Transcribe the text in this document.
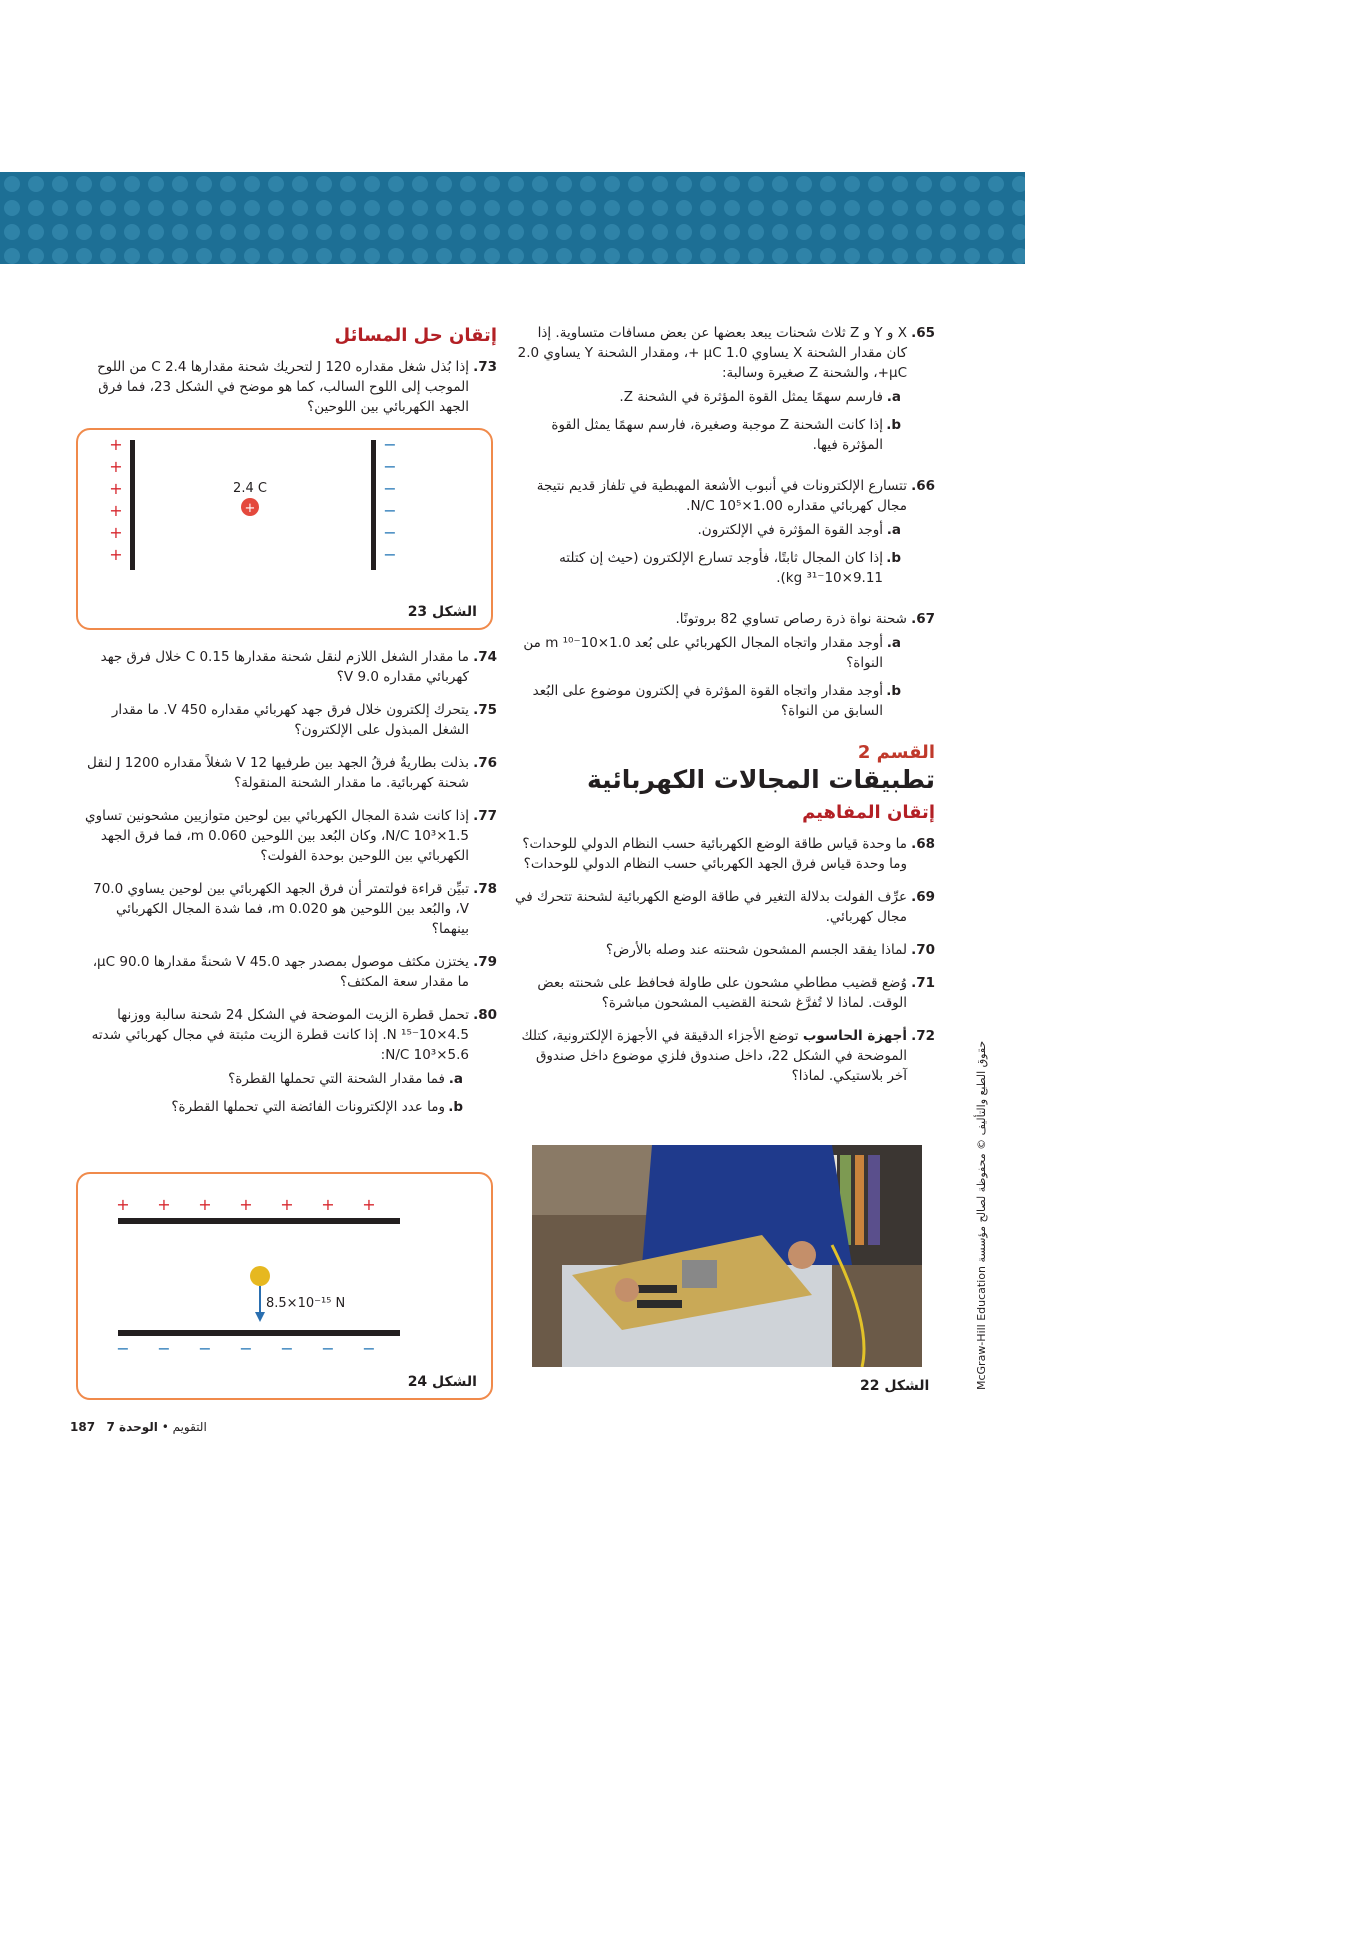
65.
X و Y و Z ثلاث شحنات يبعد بعضها عن بعض مسافات متساوية. إذا كان مقدار الشحنة X يساوي 1.0 μC +، ومقدار الشحنة Y يساوي 2.0 μC+، والشحنة Z صغيرة وسالبة:
a.
فارسم سهمًا يمثل القوة المؤثرة في الشحنة Z.
b.
إذا كانت الشحنة Z موجبة وصغيرة، فارسم سهمًا يمثل القوة المؤثرة فيها.
66.
تتسارع الإلكترونات في أنبوب الأشعة المهبطية في تلفاز قديم نتيجة مجال كهربائي مقداره 1.00×10⁵ N/C.
a.
أوجد القوة المؤثرة في الإلكترون.
b.
إذا كان المجال ثابتًا، فأوجد تسارع الإلكترون (حيث إن كتلته 9.11×10⁻³¹ kg).
67.
شحنة نواة ذرة رصاص تساوي 82 بروتونًا.
a.
أوجد مقدار واتجاه المجال الكهربائي على بُعد 1.0×10⁻¹⁰ m من النواة؟
b.
أوجد مقدار واتجاه القوة المؤثرة في إلكترون موضوع على البُعد السابق من النواة؟
القسم 2
تطبيقات المجالات الكهربائية
إتقان المفاهيم
68.
ما وحدة قياس طاقة الوضع الكهربائية حسب النظام الدولي للوحدات؟ وما وحدة قياس فرق الجهد الكهربائي حسب النظام الدولي للوحدات؟
69.
عرِّف الفولت بدلالة التغير في طاقة الوضع الكهربائية لشحنة تتحرك في مجال كهربائي.
70.
لماذا يفقد الجسم المشحون شحنته عند وصله بالأرض؟
71.
وُضع قضيب مطاطي مشحون على طاولة فحافظ على شحنته بعض الوقت. لماذا لا تُفرَّغ شحنة القضيب المشحون مباشرة؟
72.
أجهزة الحاسوب توضع الأجزاء الدقيقة في الأجهزة الإلكترونية، كتلك الموضحة في الشكل 22، داخل صندوق فلزي موضوع داخل صندوق آخر بلاستيكي. لماذا؟
الشكل 22
إتقان حل المسائل
73.
إذا بُذل شغل مقداره 120 J لتحريك شحنة مقدارها 2.4 C من اللوح الموجب إلى اللوح السالب، كما هو موضح في الشكل 23، فما فرق الجهد الكهربائي بين اللوحين؟
+
+
+
+
+
+
−
−
−
−
−
−
+
2.4 C
الشكل 23
74.
ما مقدار الشغل اللازم لنقل شحنة مقدارها 0.15 C خلال فرق جهد كهربائي مقداره 9.0 V؟
75.
يتحرك إلكترون خلال فرق جهد كهربائي مقداره 450 V. ما مقدار الشغل المبذول على الإلكترون؟
76.
بذلت بطاريةٌ فرقُ الجهد بين طرفيها 12 V شغلاً مقداره 1200 J لنقل شحنة كهربائية. ما مقدار الشحنة المنقولة؟
77.
إذا كانت شدة المجال الكهربائي بين لوحين متوازيين مشحونين تساوي 1.5×10³ N/C، وكان البُعد بين اللوحين 0.060 m، فما فرق الجهد الكهربائي بين اللوحين بوحدة الفولت؟
78.
تبيِّن قراءة فولتمتر أن فرق الجهد الكهربائي بين لوحين يساوي 70.0 V، والبُعد بين اللوحين هو 0.020 m، فما شدة المجال الكهربائي بينهما؟
79.
يختزن مكثف موصول بمصدر جهد 45.0 V شحنةً مقدارها 90.0 μC، ما مقدار سعة المكثف؟
80.
تحمل قطرة الزيت الموضحة في الشكل 24 شحنة سالبة ووزنها 4.5×10⁻¹⁵ N. إذا كانت قطرة الزيت مثبتة في مجال كهربائي شدته 5.6×10³ N/C:
a.
فما مقدار الشحنة التي تحملها القطرة؟
b.
وما عدد الإلكترونات الفائضة التي تحملها القطرة؟
+ + + + + + +
− − − − − − −
8.5×10⁻¹⁵ N
الشكل 24	McGraw-Hill Education حقوق الطبع والتأليف © محفوظة لصالح مؤسسة
187	التقويم • الوحدة 7
